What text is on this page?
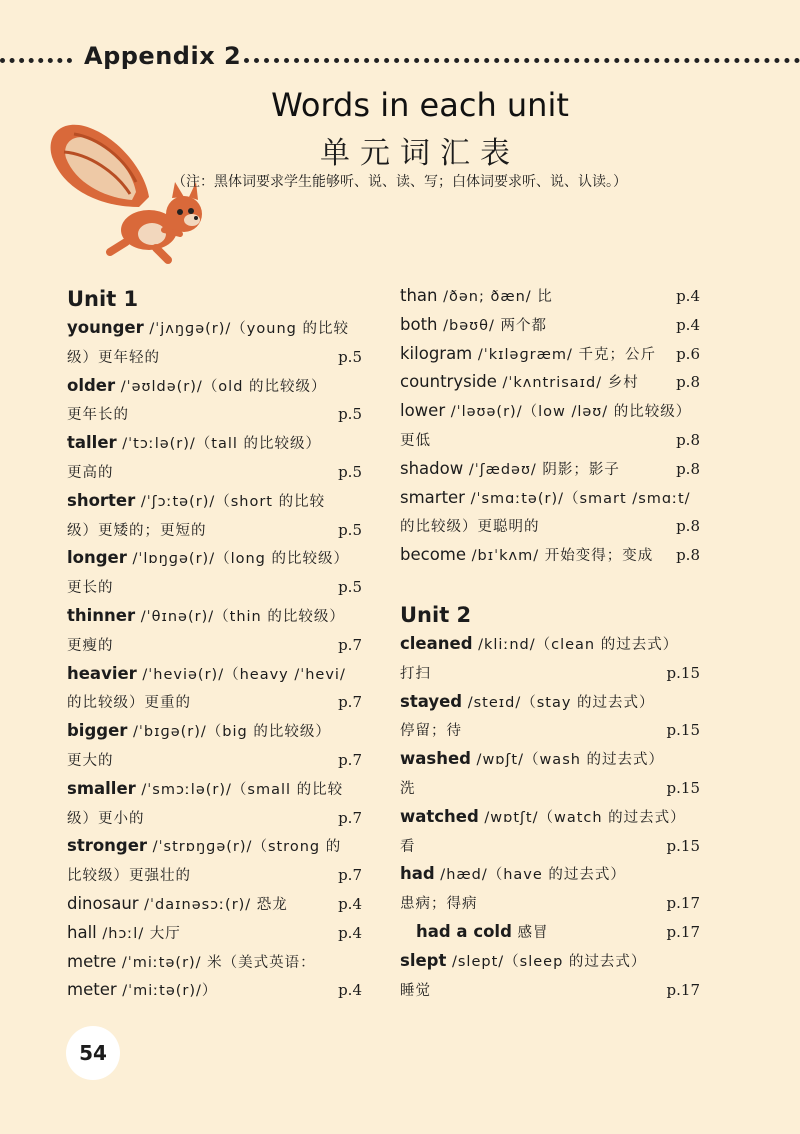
Appendix 2
Words in each unit
单元词汇表
（注：黑体词要求学生能够听、说、读、写；白体词要求听、说、认读。）
Unit 1
younger /ˈjʌŋɡə(r)/（young 的比较
级）更年轻的	p.5
older /ˈəʊldə(r)/（old 的比较级）
更年长的	p.5
taller /ˈtɔːlə(r)/（tall 的比较级）
更高的	p.5
shorter /ˈʃɔːtə(r)/（short 的比较
级）更矮的；更短的	p.5
longer /ˈlɒŋɡə(r)/（long 的比较级）
更长的	p.5
thinner /ˈθɪnə(r)/（thin 的比较级）
更瘦的	p.7
heavier /ˈheviə(r)/（heavy /ˈhevi/
的比较级）更重的	p.7
bigger /ˈbɪɡə(r)/（big 的比较级）
更大的	p.7
smaller /ˈsmɔːlə(r)/（small 的比较
级）更小的	p.7
stronger /ˈstrɒŋɡə(r)/（strong 的
比较级）更强壮的	p.7
dinosaur /ˈdaɪnəsɔː(r)/ 恐龙	p.4
hall /hɔːl/ 大厅	p.4
metre /ˈmiːtə(r)/ 米（美式英语：
meter /ˈmiːtə(r)/）	p.4
than /ðən; ðæn/ 比	p.4
both /bəʊθ/ 两个都	p.4
kilogram /ˈkɪləɡræm/ 千克；公斤 p.6
countryside /ˈkʌntrisaɪd/ 乡村 p.8
lower /ˈləʊə(r)/（low /ləʊ/ 的比较级）
更低	p.8
shadow /ˈʃædəʊ/ 阴影；影子	p.8
smarter /ˈsmɑːtə(r)/（smart /smɑːt/
的比较级）更聪明的	p.8
become /bɪˈkʌm/ 开始变得；变成 p.8
Unit 2
cleaned /kliːnd/（clean 的过去式）
打扫	p.15
stayed /steɪd/（stay 的过去式）
停留；待	p.15
washed /wɒʃt/（wash 的过去式）
洗	p.15
watched /wɒtʃt/（watch 的过去式）
看	p.15
had /hæd/（have 的过去式）
患病；得病	p.17
had a cold 感冒	p.17
slept /slept/（sleep 的过去式）
睡觉	p.17
54
